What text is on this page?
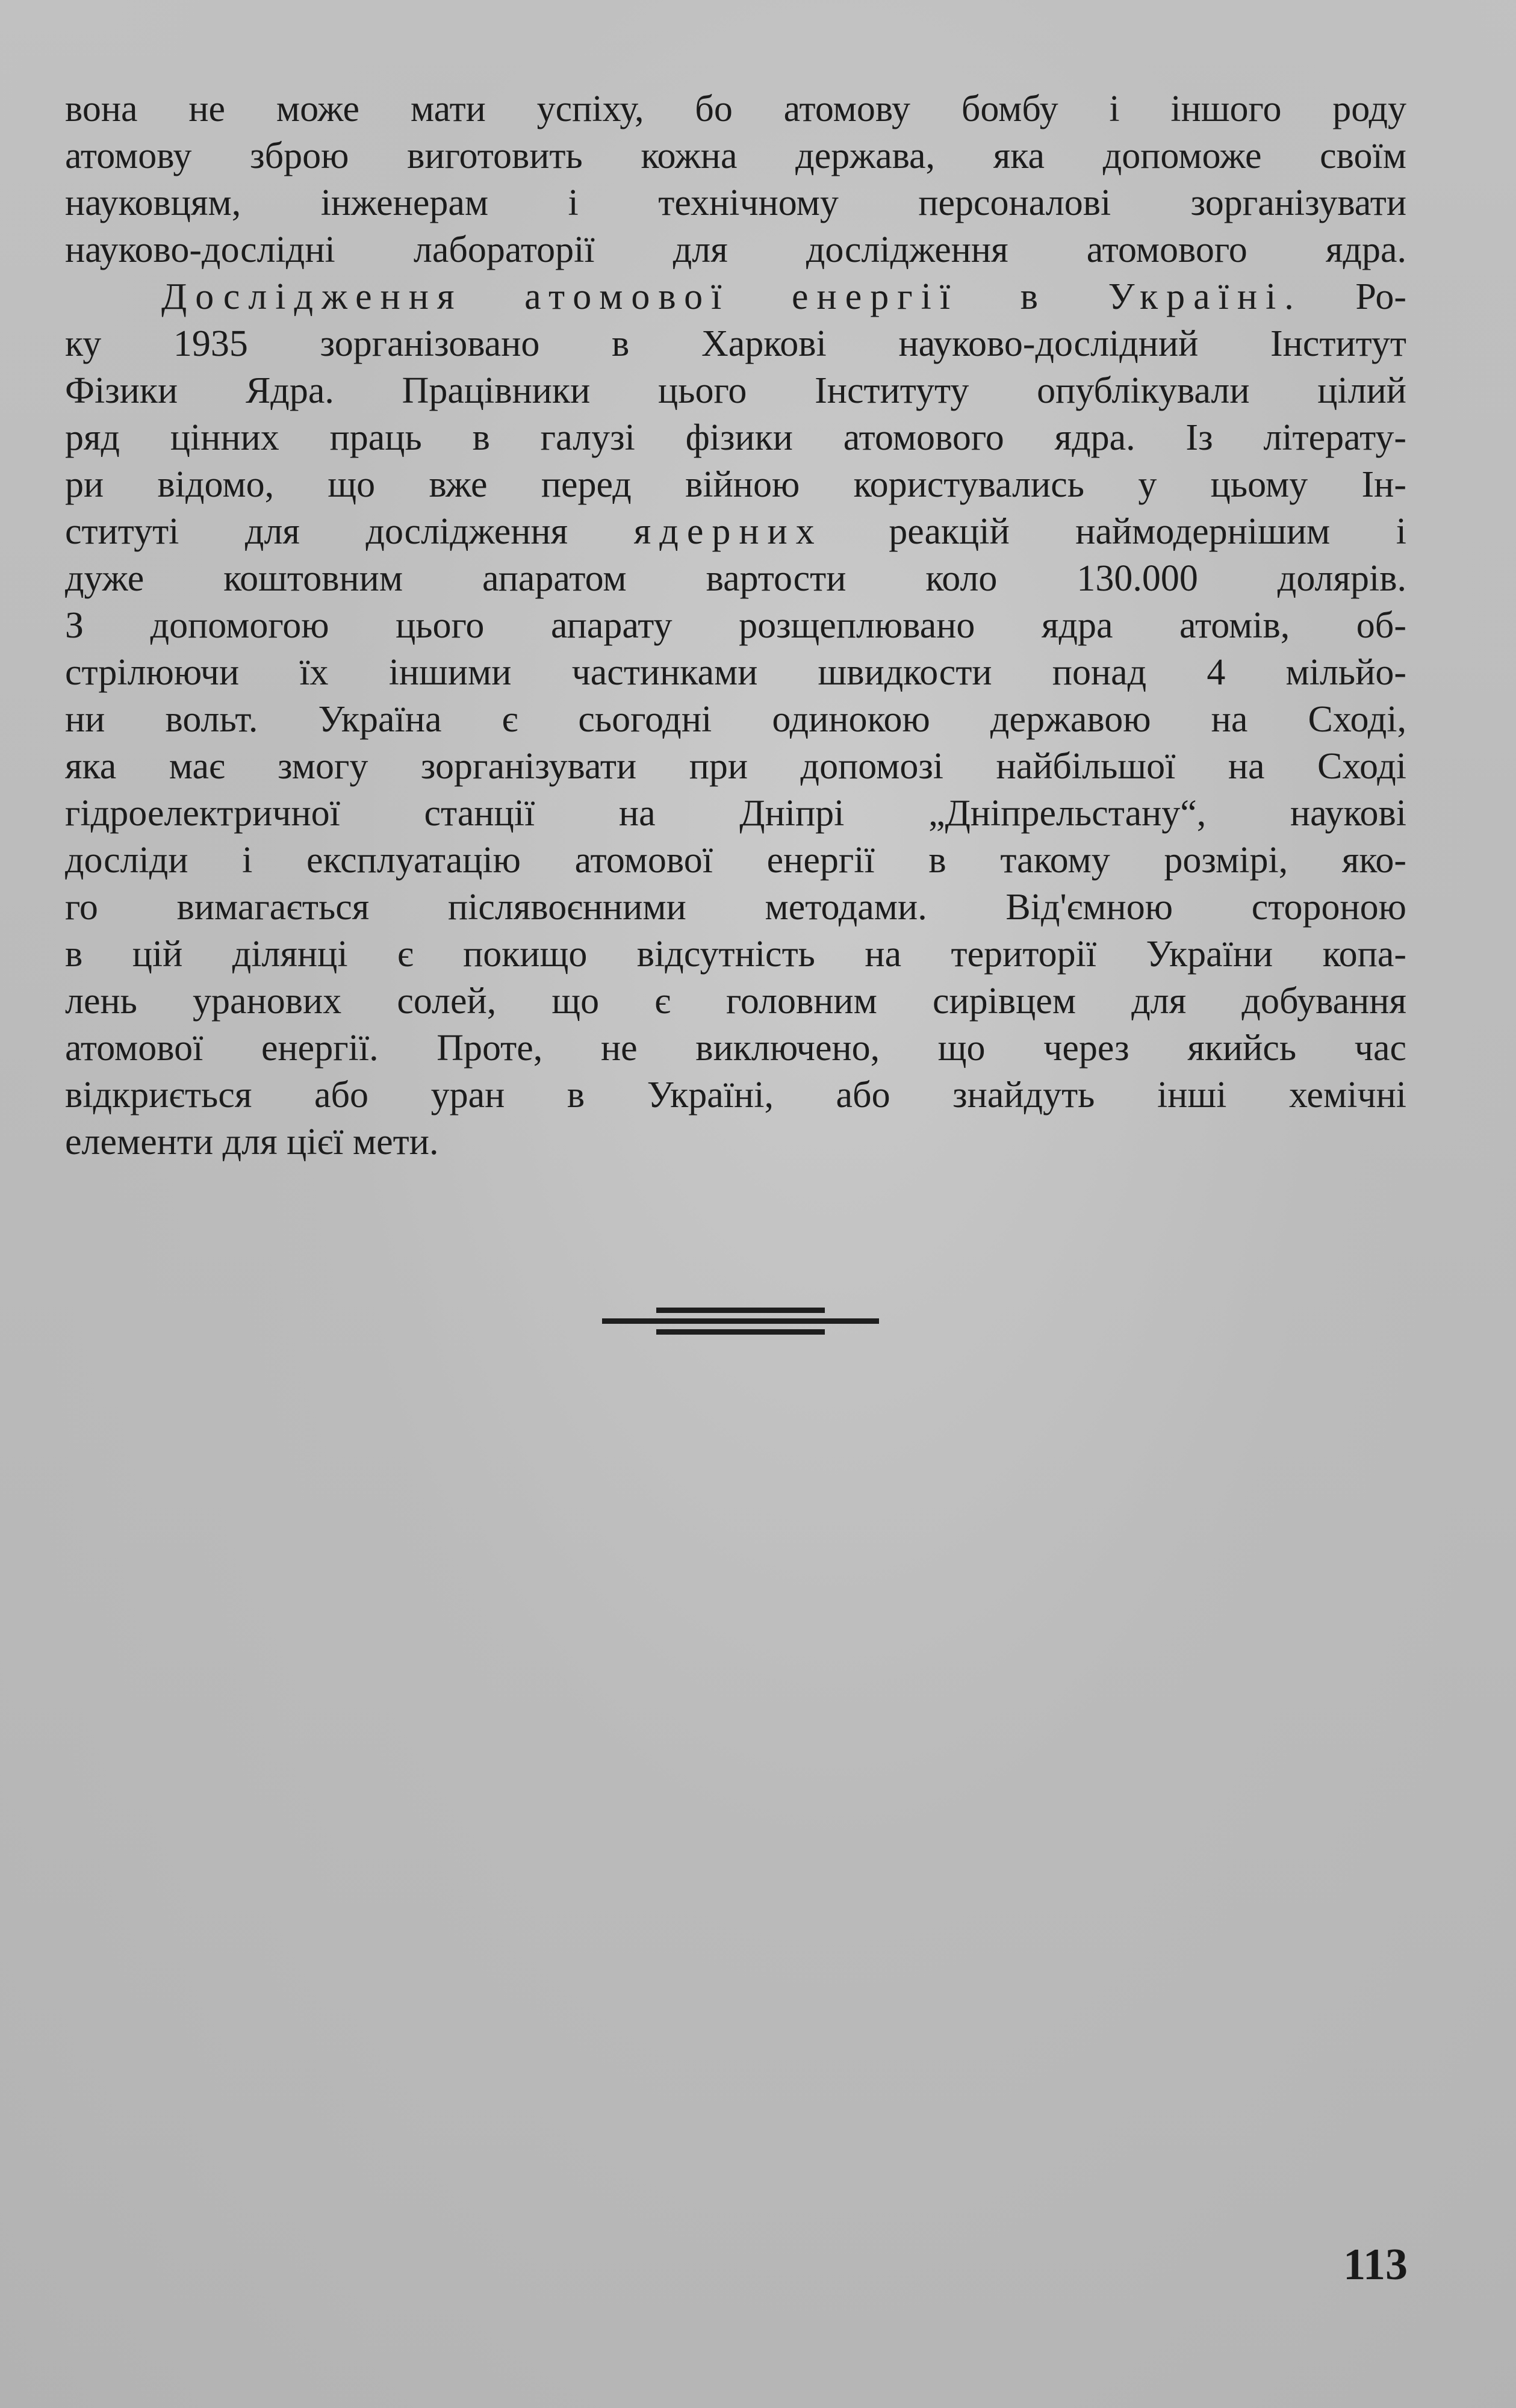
вона не може мати успіху, бо атомову бомбу і іншого роду
атомову зброю виготовить кожна держава, яка допоможе своїм
науковцям, інженерам і технічному персоналові зорганізувати
науково-дослідні лабораторії для дослідження атомового ядра.
Дослідження атомової енергії в Україні. Ро-
ку 1935 зорганізовано в Харкові науково-дослідний Інститут
Фізики Ядра. Працівники цього Інституту опублікували цілий
ряд цінних праць в галузі фізики атомового ядра. Із літерату-
ри відомо, що вже перед війною користувались у цьому Ін-
ституті для дослідження ядерних реакцій наймодернішим і
дуже коштовним апаратом вартости коло 130.000 долярів.
З допомогою цього апарату розщеплювано ядра атомів, об-
стрілюючи їх іншими частинками швидкости понад 4 мільйо-
ни вольт. Україна є сьогодні одинокою державою на Сході,
яка має змогу зорганізувати при допомозі найбільшої на Сході
гідроелектричної станції на Дніпрі „Дніпрельстану“, наукові
досліди і експлуатацію атомової енергії в такому розмірі, яко-
го вимагається післявоєнними методами. Від'ємною стороною
в цій ділянці є покищо відсутність на території України копа-
лень уранових солей, що є головним сирівцем для добування
атомової енергії. Проте, не виключено, що через якийсь час
відкриється або уран в Україні, або знайдуть інші хемічні
елементи для цієї мети.
113
